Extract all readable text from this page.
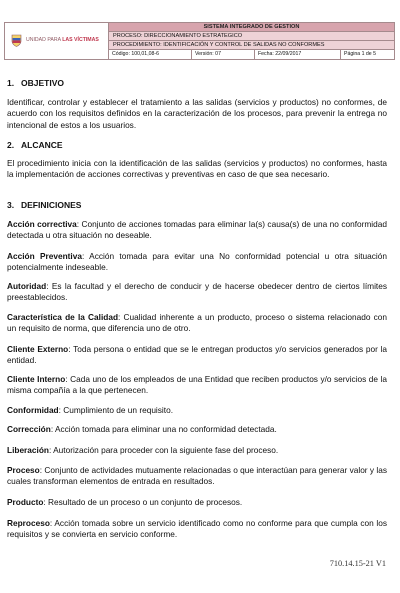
UNIDAD PARA LAS VÍCTIMAS
SISTEMA INTEGRADO DE GESTION
PROCESO: DIRECCIONAMIENTO ESTRATEGICO
PROCEDIMIENTO: IDENTIFICACIÓN Y CONTROL DE SALIDAS NO CONFORMES
Código: 100,01,08-6	Versión: 07	Fecha: 22/09/2017	Página 1 de 5
1. OBJETIVO
Identificar, controlar y establecer el tratamiento a las salidas (servicios y productos) no conformes, de acuerdo con los requisitos definidos en la caracterización de los procesos, para prevenir la entrega no intencional de estos a los usuarios.
2. ALCANCE
El procedimiento inicia con la identificación de las salidas (servicios y productos) no conformes, hasta la implementación de acciones correctivas y preventivas en caso de que sea necesario.
3. DEFINICIONES
Acción correctiva: Conjunto de acciones tomadas para eliminar la(s) causa(s) de una no conformidad detectada u otra situación no deseable.
Acción Preventiva: Acción tomada para evitar una No conformidad potencial u otra situación potencialmente indeseable.
Autoridad: Es la facultad y el derecho de conducir y de hacerse obedecer dentro de ciertos límites preestablecidos.
Característica de la Calidad: Cualidad inherente a un producto, proceso o sistema relacionado con un requisito de norma, que diferencia uno de otro.
Cliente Externo: Toda persona o entidad que se le entregan productos y/o servicios generados por la entidad.
Cliente Interno: Cada uno de los empleados de una Entidad que reciben productos y/o servicios de la misma compañía a la que pertenecen.
Conformidad: Cumplimiento de un requisito.
Corrección: Acción tomada para eliminar una no conformidad detectada.
Liberación: Autorización para proceder con la siguiente fase del proceso.
Proceso: Conjunto de actividades mutuamente relacionadas o que interactúan para generar valor y las cuales transforman elementos de entrada en resultados.
Producto: Resultado de un proceso o un conjunto de procesos.
Reproceso: Acción tomada sobre un servicio identificado como no conforme para que cumpla con los requisitos y se convierta en servicio conforme.
710.14.15-21 V1
